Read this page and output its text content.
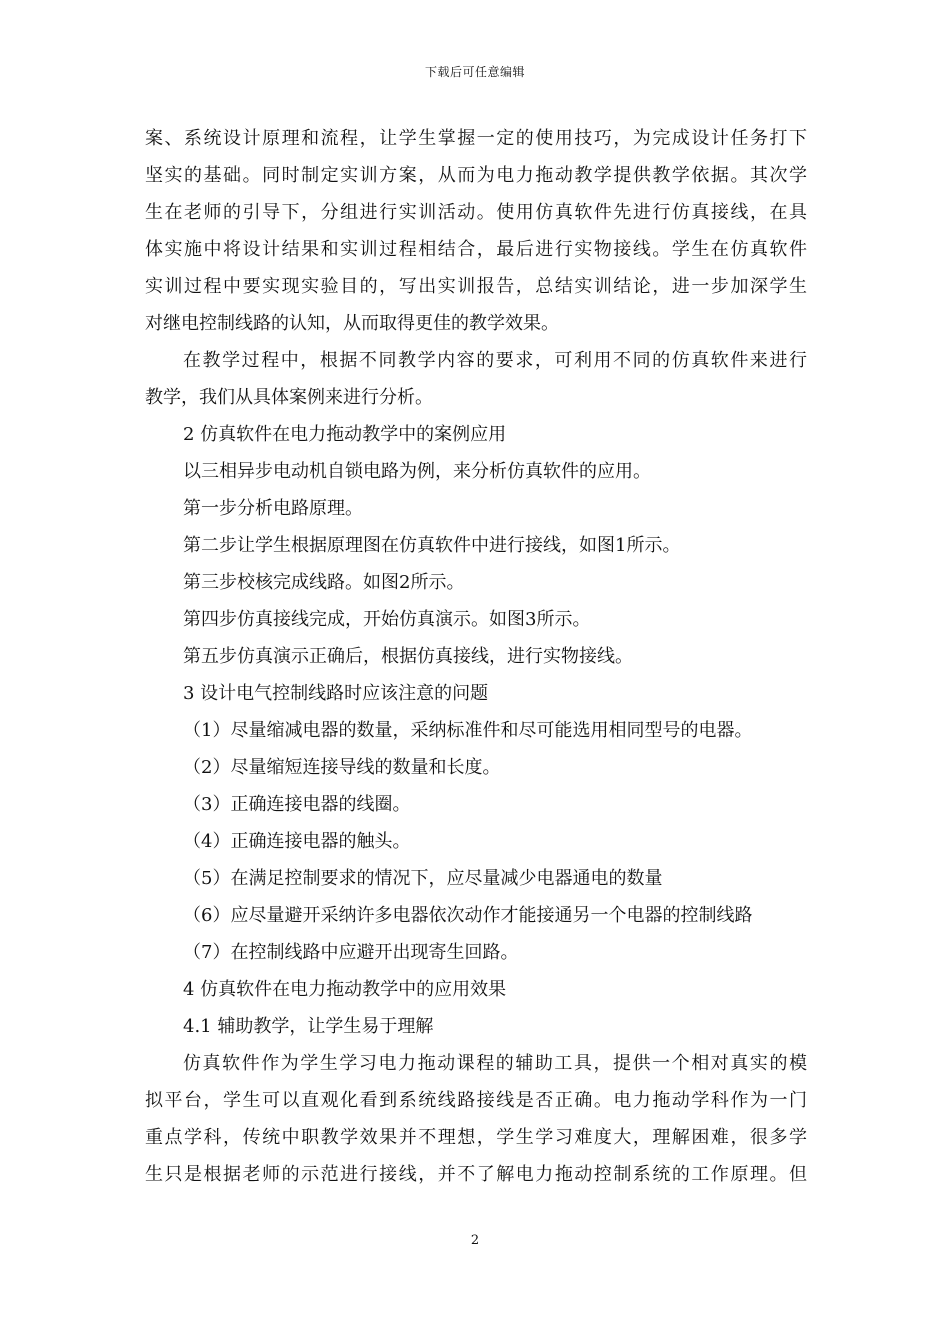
下载后可任意编辑

案、系统设计原理和流程，让学生掌握一定的使用技巧，为完成设计任务打下

坚实的基础。同时制定实训方案，从而为电力拖动教学提供教学依据。其次学

生在老师的引导下，分组进行实训活动。使用仿真软件先进行仿真接线，在具

体实施中将设计结果和实训过程相结合，最后进行实物接线。学生在仿真软件

实训过程中要实现实验目的，写出实训报告，总结实训结论，进一步加深学生

对继电控制线路的认知，从而取得更佳的教学效果。

在教学过程中，根据不同教学内容的要求，可利用不同的仿真软件来进行

教学，我们从具体案例来进行分析。

2 仿真软件在电力拖动教学中的案例应用

以三相异步电动机自锁电路为例，来分析仿真软件的应用。

第一步分析电路原理。

第二步让学生根据原理图在仿真软件中进行接线，如图1所示。

第三步校核完成线路。如图2所示。

第四步仿真接线完成，开始仿真演示。如图3所示。

第五步仿真演示正确后，根据仿真接线，进行实物接线。

3 设计电气控制线路时应该注意的问题

（1）尽量缩减电器的数量，采纳标准件和尽可能选用相同型号的电器。

（2）尽量缩短连接导线的数量和长度。

（3）正确连接电器的线圈。

（4）正确连接电器的触头。

（5）在满足控制要求的情况下，应尽量减少电器通电的数量

（6）应尽量避开采纳许多电器依次动作才能接通另一个电器的控制线路

（7）在控制线路中应避开出现寄生回路。

4 仿真软件在电力拖动教学中的应用效果

4.1 辅助教学，让学生易于理解

仿真软件作为学生学习电力拖动课程的辅助工具，提供一个相对真实的模

拟平台，学生可以直观化看到系统线路接线是否正确。电力拖动学科作为一门

重点学科，传统中职教学效果并不理想，学生学习难度大，理解困难，很多学

生只是根据老师的示范进行接线，并不了解电力拖动控制系统的工作原理。但

2
